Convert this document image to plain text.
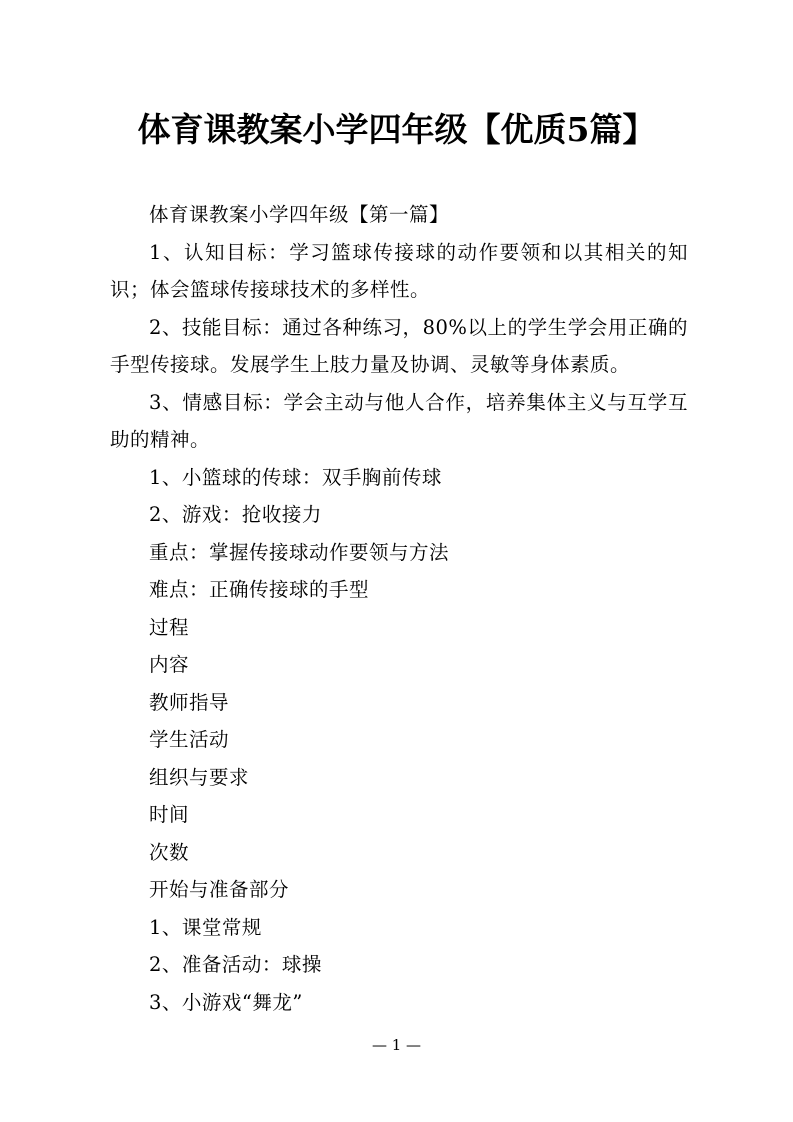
体育课教案小学四年级【优质5篇】

体育课教案小学四年级【第一篇】

1、认知目标：学习篮球传接球的动作要领和以其相关的知识；体会篮球传接球技术的多样性。

2、技能目标：通过各种练习，80%以上的学生学会用正确的手型传接球。发展学生上肢力量及协调、灵敏等身体素质。

3、情感目标：学会主动与他人合作，培养集体主义与互学互助的精神。

1、小篮球的传球：双手胸前传球

2、游戏：抢收接力

重点：掌握传接球动作要领与方法

难点：正确传接球的手型

过程

内容

教师指导

学生活动

组织与要求

时间

次数

开始与准备部分

1、课堂常规

2、准备活动：球操

3、小游戏“舞龙”

— 1 —
